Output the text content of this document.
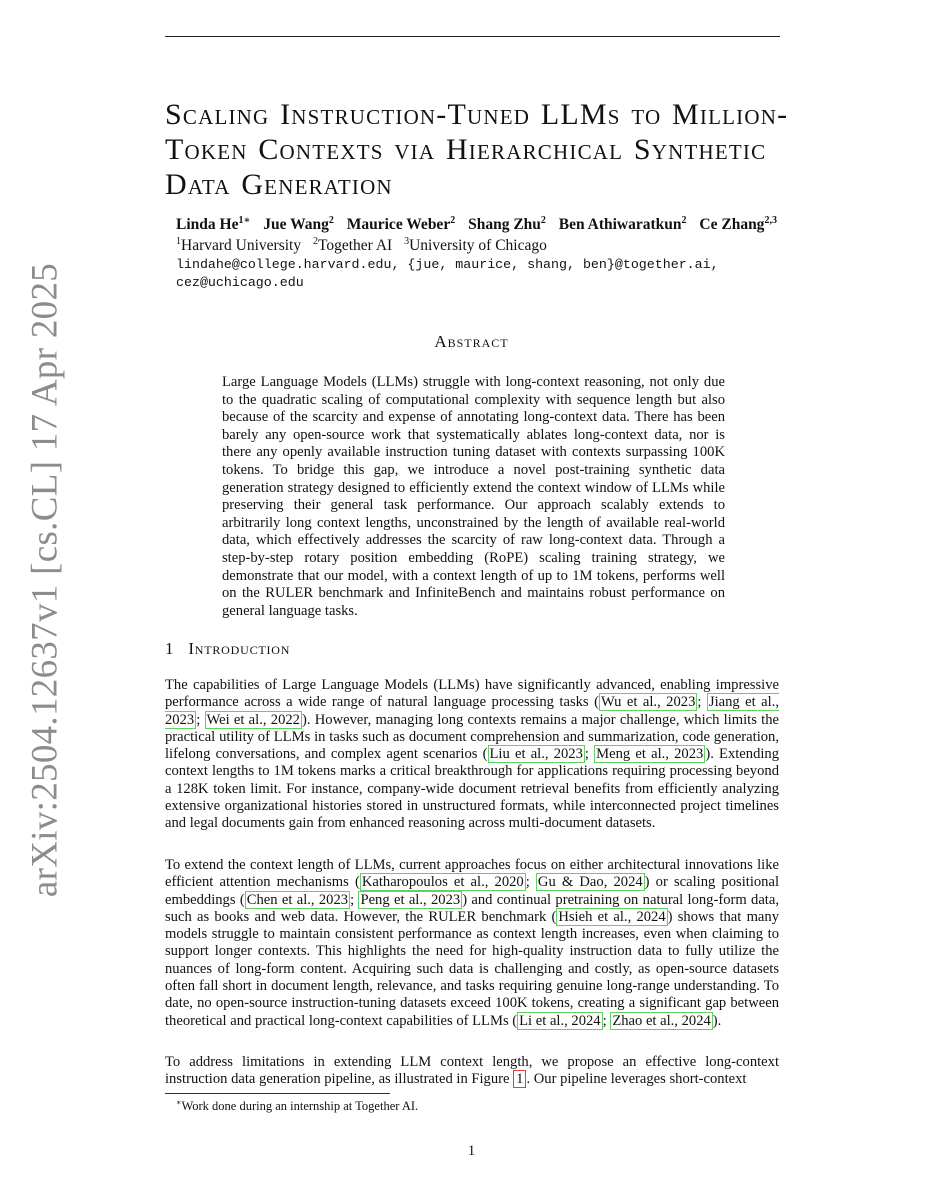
arXiv:2504.12637v1 [cs.CL] 17 Apr 2025
Scaling Instruction-Tuned LLMs to Million-Token Contexts via Hierarchical Synthetic Data Generation
Linda $He^{1∗}$ Jue Wang$^2$ Maurice Weber$^2$ Shang Zhu$^2$ Ben Athiwaratkun$^2$ Ce Zhang$^{2,3}$
$^1$Harvard University $^2$Together AI $^3$University of Chicago
lindahe@college.harvard.edu, {jue, maurice, shang, ben}@together.ai, cez@uchicago.edu
Abstract
Large Language Models (LLMs) struggle with long-context reasoning, not only due to the quadratic scaling of computational complexity with sequence length but also because of the scarcity and expense of annotating long-context data. There has been barely any open-source work that systematically ablates long-context data, nor is there any openly available instruction tuning dataset with contexts surpassing 100K tokens. To bridge this gap, we introduce a novel post-training synthetic data generation strategy designed to efficiently extend the context window of LLMs while preserving their general task performance. Our approach scalably extends to arbitrarily long context lengths, unconstrained by the length of available real-world data, which effectively addresses the scarcity of raw long-context data. Through a step-by-step rotary position embedding (RoPE) scaling training strategy, we demonstrate that our model, with a context length of up to 1M tokens, performs well on the RULER benchmark and InfiniteBench and maintains robust performance on general language tasks.
1 Introduction

The capabilities of Large Language Models (LLMs) have significantly advanced, enabling impressive performance across a wide range of natural language processing tasks ( Wu et al., 2023 ; Jiang et al., 2023 ; Wei et al., 2022 ). However, managing long contexts remains a major challenge, which limits the practical utility of LLMs in tasks such as document comprehension and summarization, code generation, lifelong conversations, and complex agent scenarios ( Liu et al., 2023 ; Meng et al., 2023 ). Extending context lengths to 1M tokens marks a critical breakthrough for applications requiring processing beyond a 128K token limit. For instance, company-wide document retrieval benefits from efficiently analyzing extensive organizational histories stored in unstructured formats, while interconnected project timelines and legal documents gain from enhanced reasoning across multi-document datasets.

To extend the context length of LLMs, current approaches focus on either architectural innovations like efficient attention mechanisms ( Katharopoulos et al., 2020 ; Gu & Dao, 2024 ) or scaling positional embeddings ( Chen et al., 2023 ; Peng et al., 2023 ) and continual pretraining on natural long-form data, such as books and web data. However, the RULER benchmark ( Hsieh et al., 2024 ) shows that many models struggle to maintain consistent performance as context length increases, even when claiming to support longer contexts. This highlights the need for high-quality instruction data to fully utilize the nuances of long-form content. Acquiring such data is challenging and costly, as open-source datasets often fall short in document length, relevance, and tasks requiring genuine long-range understanding. To date, no open-source instruction-tuning datasets exceed 100K tokens, creating a significant gap between theoretical and practical long-context capabilities of LLMs ( Li et al., 2024 ; Zhao et al., 2024 ).

To address limitations in extending LLM context length, we propose an effective long-context instruction data generation pipeline, as illustrated in Figure 1 . Our pipeline leverages short-context

∗Work done during an internship at Together AI.
1
